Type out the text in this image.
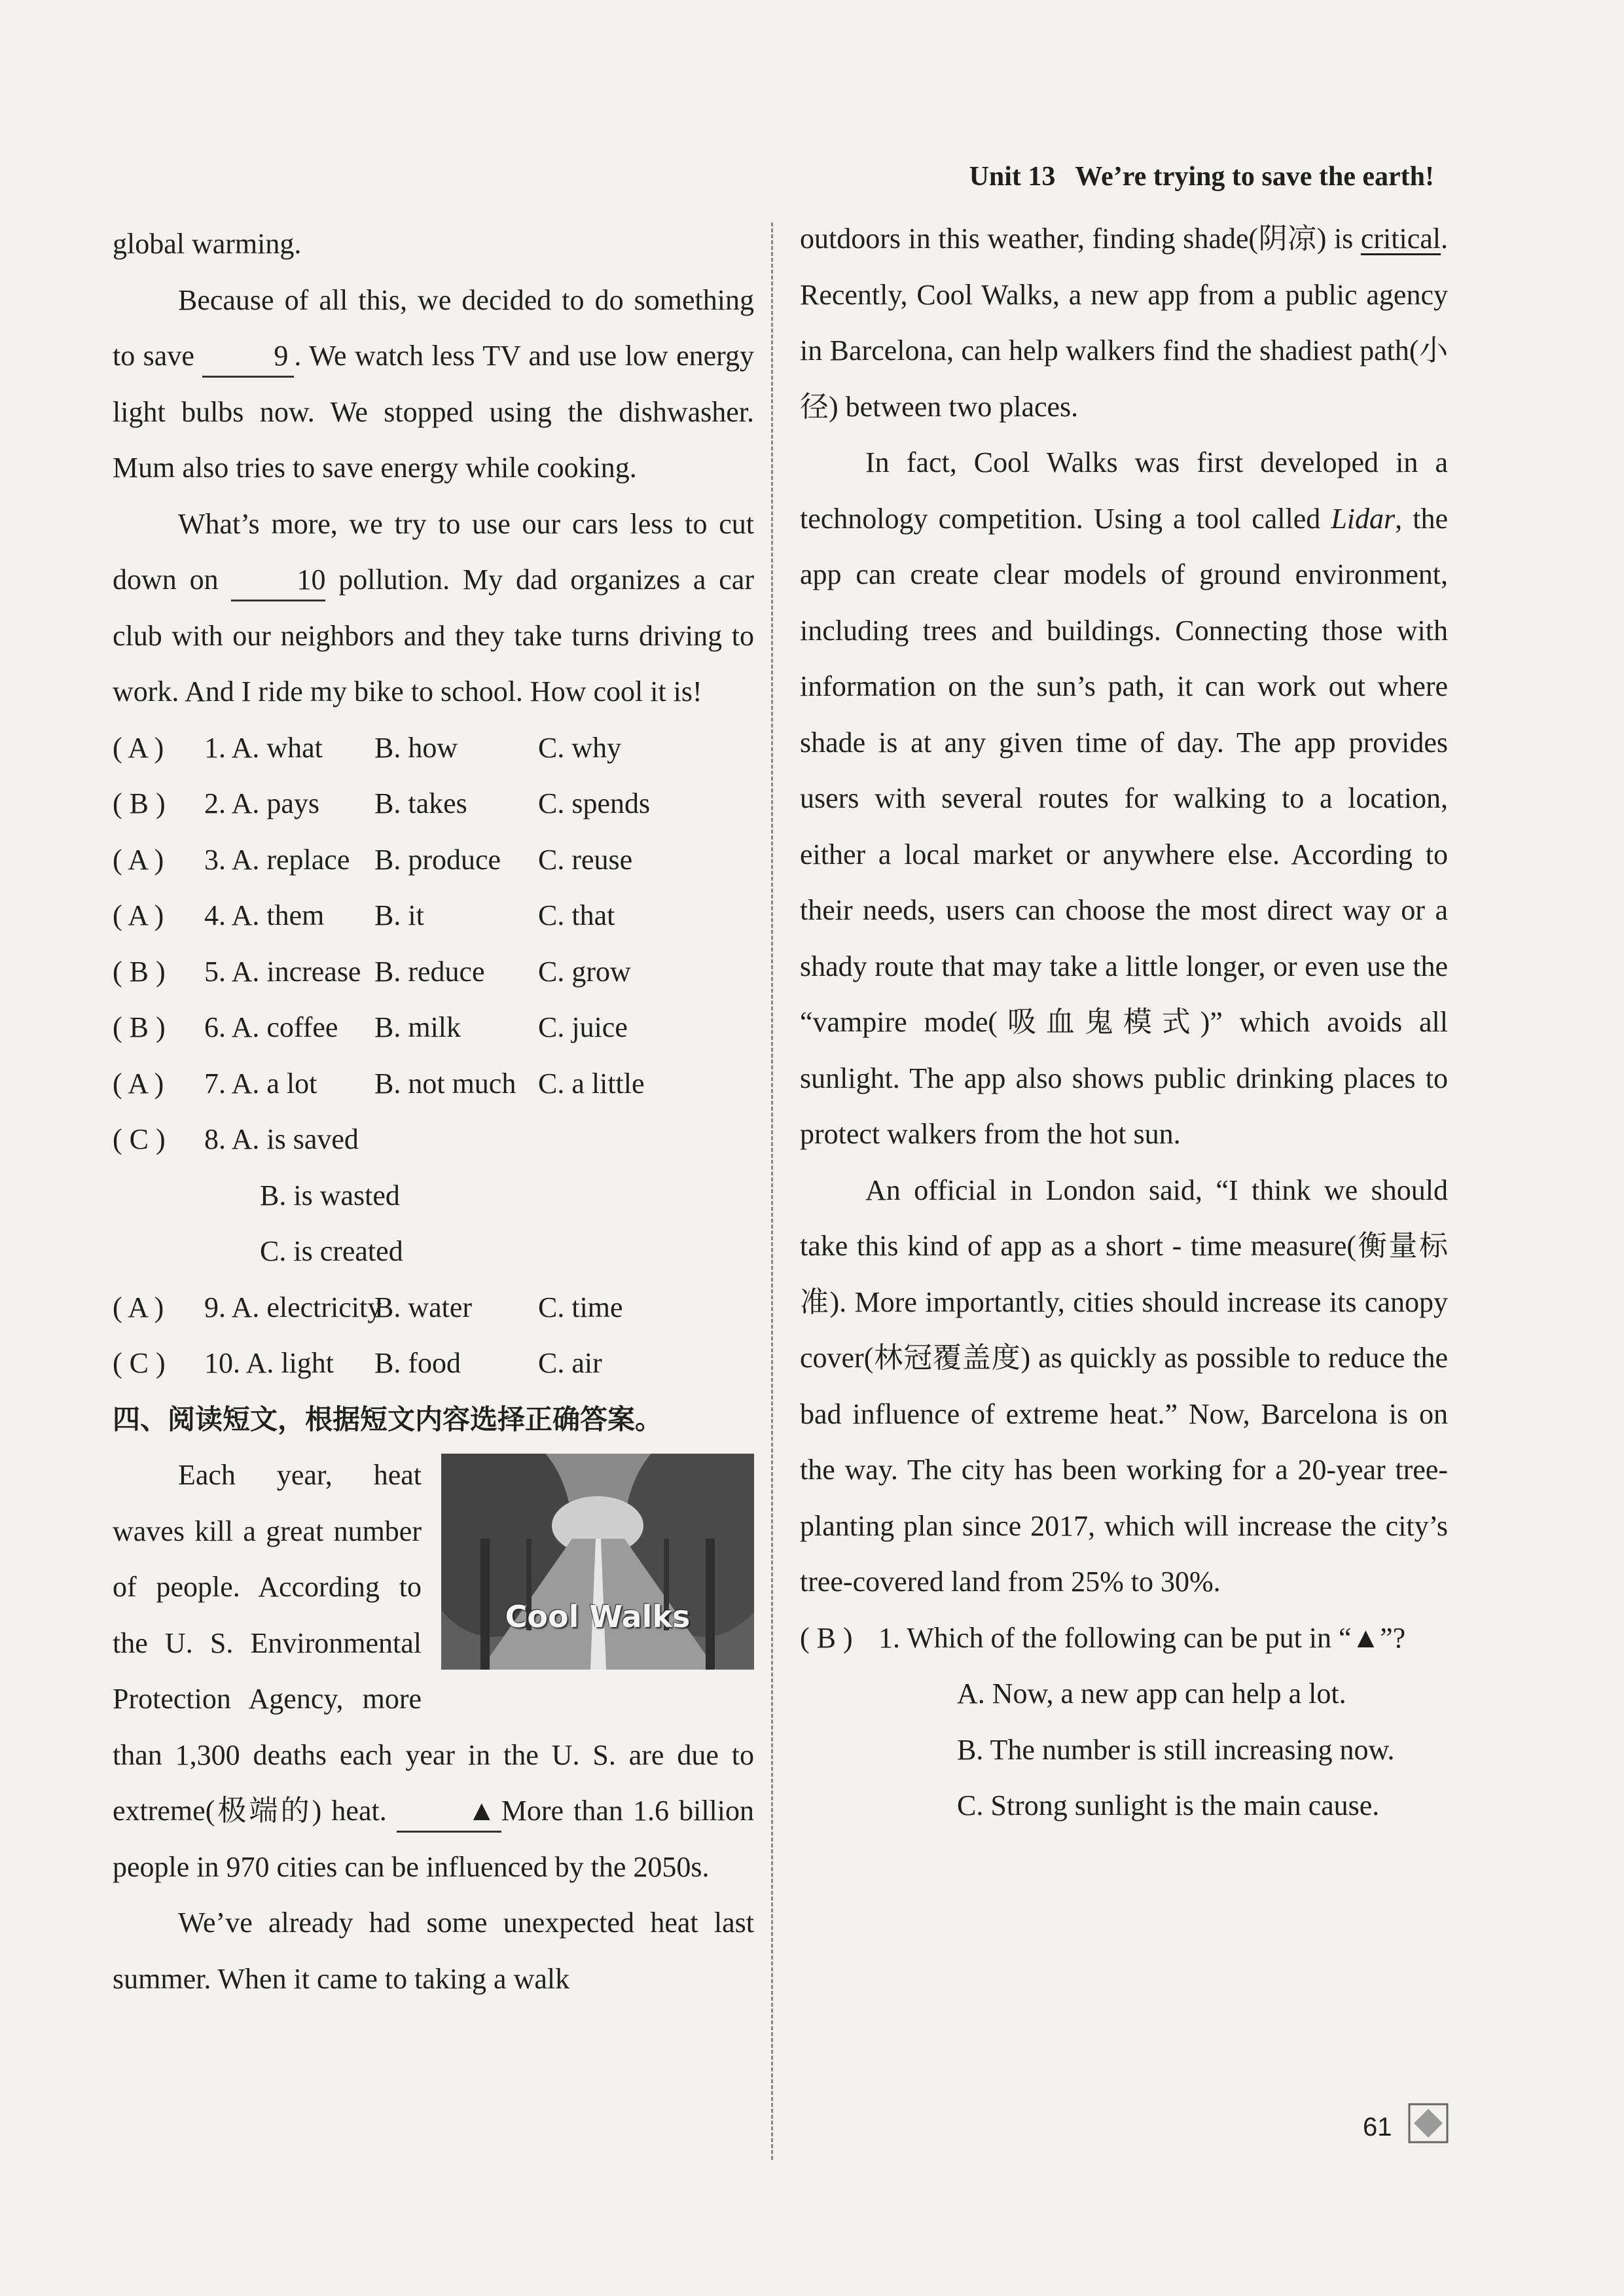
Unit 13 We’re trying to save the earth!

global warming.

Because of all this, we decided to do something to save 9 . We watch less TV and use low energy light bulbs now. We stopped using the dishwasher. Mum also tries to save energy while cooking.

What’s more, we try to use our cars less to cut down on 10 pollution. My dad organizes a car club with our neighbors and they take turns driving to work. And I ride my bike to school. How cool it is!

( A )	1. A. what	B. how	C. why
( B )	2. A. pays	B. takes	C. spends
( A )	3. A. replace B. produce	C. reuse
( A )	4. A. them	B. it	C. that
( B )	5. A. increase B. reduce	C. grow
( B )	6. A. coffee	B. milk	C. juice
( A )	7. A. a lot	B. not much C. a little
( C )	8. A. is saved
B. is wasted
C. is created
( A )	9. A. electricity
B. water	C. time
( C )	10. A. light	B. food	C. air
四、阅读短文，根据短文内容选择正确答案。
Cool Walks

Each year, heat waves kill a great number of people. According to the U. S. Environmental Protection Agency, more than 1,300 deaths each year in the U. S. are due to extreme(极端的) heat. ▲ More than 1.6 billion people in 970 cities can be influenced by the 2050s.

We’ve already had some unexpected heat last summer. When it came to taking a walk

outdoors in this weather, finding shade(阴凉) is critical. Recently, Cool Walks, a new app from a public agency in Barcelona, can help walkers find the shadiest path(小径) between two places.

In fact, Cool Walks was first developed in a technology competition. Using a tool called Lidar, the app can create clear models of ground environment, including trees and buildings. Connecting those with information on the sun’s path, it can work out where shade is at any given time of day. The app provides users with several routes for walking to a location, either a local market or anywhere else. According to their needs, users can choose the most direct way or a shady route that may take a little longer, or even use the “vampire mode(吸血鬼模式)” which avoids all sunlight. The app also shows public drinking places to protect walkers from the hot sun.

An official in London said, “I think we should take this kind of app as a short - time measure(衡量标准). More importantly, cities should increase its canopy cover(林冠覆盖度) as quickly as possible to reduce the bad influence of extreme heat.” Now, Barcelona is on the way. The city has been working for a 20-year tree-planting plan since 2017, which will increase the city’s tree-covered land from 25% to 30%.

( B ) 1. Which of the following can be put in “▲”?
A. Now, a new app can help a lot.
B. The number is still increasing now.
C. Strong sunlight is the main cause.
61
